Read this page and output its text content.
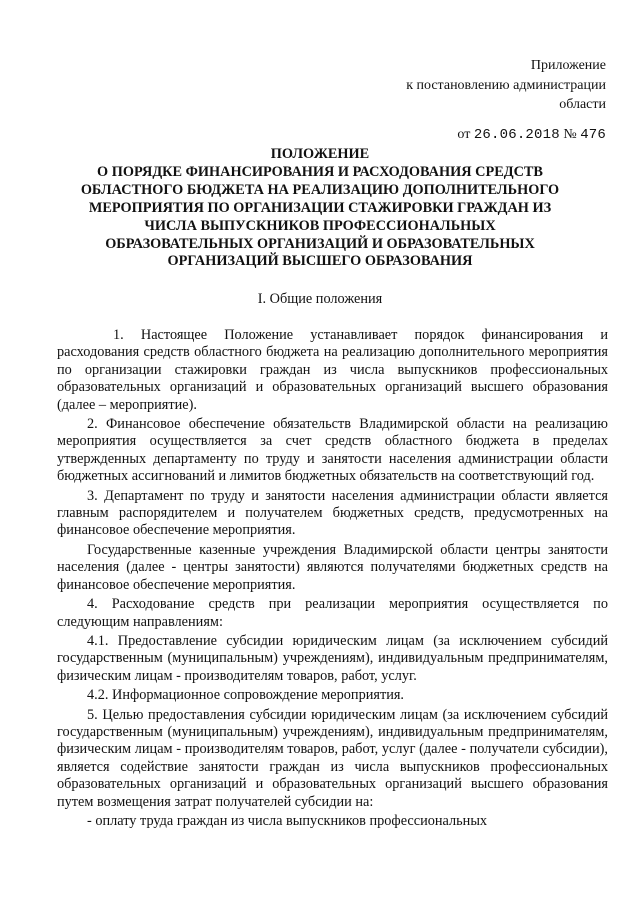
Приложение
к постановлению администрации
области
от 26.06.2018 № 476
ПОЛОЖЕНИЕ
О ПОРЯДКЕ ФИНАНСИРОВАНИЯ И РАСХОДОВАНИЯ СРЕДСТВ
ОБЛАСТНОГО БЮДЖЕТА НА РЕАЛИЗАЦИЮ ДОПОЛНИТЕЛЬНОГО
МЕРОПРИЯТИЯ ПО ОРГАНИЗАЦИИ СТАЖИРОВКИ ГРАЖДАН ИЗ
ЧИСЛА ВЫПУСКНИКОВ ПРОФЕССИОНАЛЬНЫХ
ОБРАЗОВАТЕЛЬНЫХ ОРГАНИЗАЦИЙ И ОБРАЗОВАТЕЛЬНЫХ
ОРГАНИЗАЦИЙ ВЫСШЕГО ОБРАЗОВАНИЯ
I. Общие положения

1. Настоящее Положение устанавливает порядок финансирования и расходования средств областного бюджета на реализацию дополнительного мероприятия по организации стажировки граждан из числа выпускников профессиональных образовательных организаций и образовательных организаций высшего образования (далее – мероприятие).

2. Финансовое обеспечение обязательств Владимирской области на реализацию мероприятия осуществляется за счет средств областного бюджета в пределах утвержденных департаменту по труду и занятости населения администрации области бюджетных ассигнований и лимитов бюджетных обязательств на соответствующий год.

3. Департамент по труду и занятости населения администрации области является главным распорядителем и получателем бюджетных средств, предусмотренных на финансовое обеспечение мероприятия.

Государственные казенные учреждения Владимирской области центры занятости населения (далее - центры занятости) являются получателями бюджетных средств на финансовое обеспечение мероприятия.

4. Расходование средств при реализации мероприятия осуществляется по следующим направлениям:

4.1. Предоставление субсидии юридическим лицам (за исключением субсидий государственным (муниципальным) учреждениям), индивидуальным предпринимателям, физическим лицам - производителям товаров, работ, услуг.

4.2. Информационное сопровождение мероприятия.

5. Целью предоставления субсидии юридическим лицам (за исключением субсидий государственным (муниципальным) учреждениям), индивидуальным предпринимателям, физическим лицам - производителям товаров, работ, услуг (далее - получатели субсидии), является содействие занятости граждан из числа выпускников профессиональных образовательных организаций и образовательных организаций высшего образования путем возмещения затрат получателей субсидии на:

- оплату труда граждан из числа выпускников профессиональных
